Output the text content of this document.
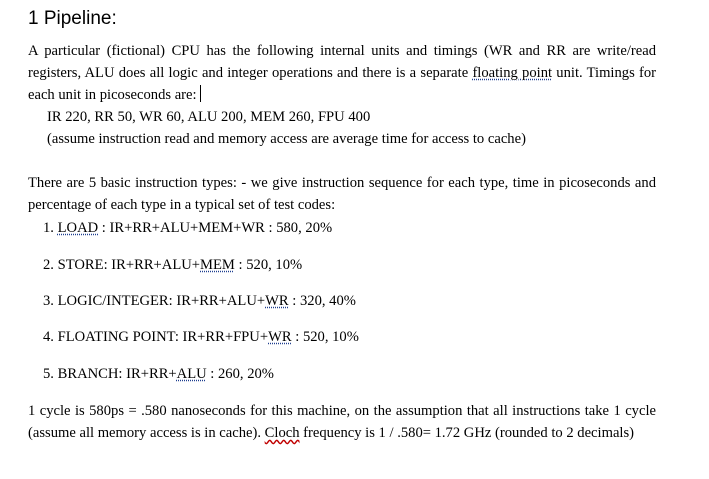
1 Pipeline:
A particular (fictional) CPU has the following internal units and timings (WR and RR are write/read registers, ALU does all logic and integer operations and there is a separate floating point unit. Timings for each unit in picoseconds are:
IR 220, RR 50, WR 60, ALU 200, MEM 260, FPU 400
(assume instruction read and memory access are average time for access to cache)
There are 5 basic instruction types: - we give instruction sequence for each type, time in picoseconds and percentage of each type in a typical set of test codes:
1. LOAD : IR+RR+ALU+MEM+WR : 580, 20%
2. STORE: IR+RR+ALU+MEM : 520, 10%
3. LOGIC/INTEGER: IR+RR+ALU+WR : 320, 40%
4. FLOATING POINT: IR+RR+FPU+WR : 520, 10%
5. BRANCH: IR+RR+ALU : 260, 20%
1 cycle is 580ps = .580 nanoseconds for this machine, on the assumption that all instructions take 1 cycle (assume all memory access is in cache). Cloch frequency is 1 / .580= 1.72 GHz (rounded to 2 decimals)
